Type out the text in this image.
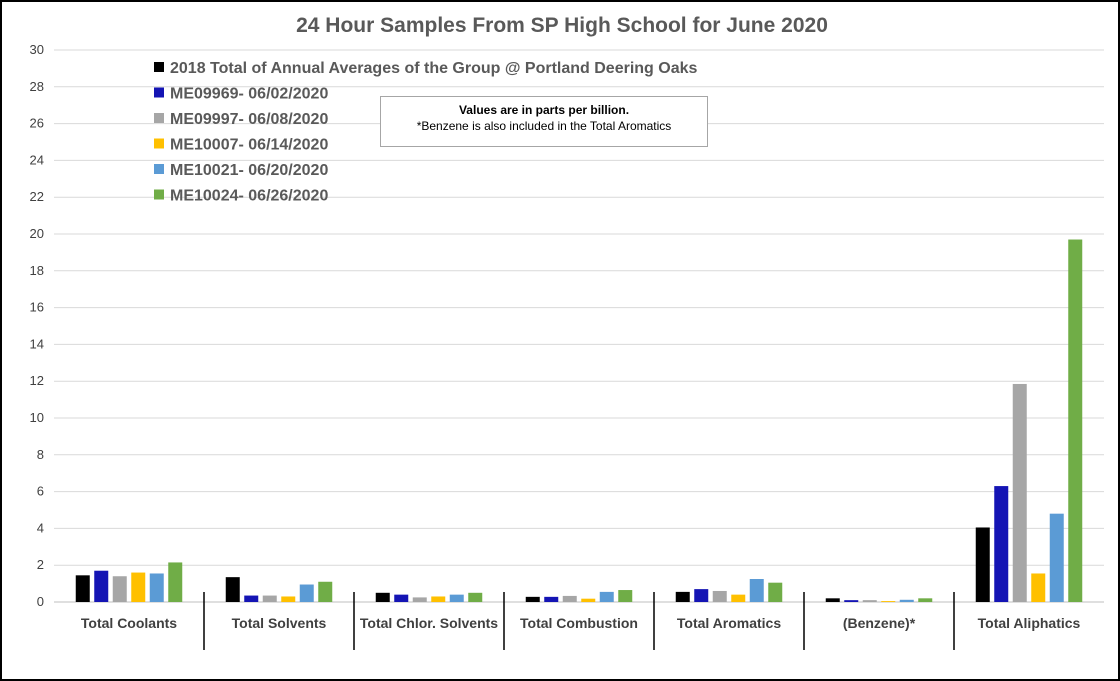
24 Hour Samples From SP High School for June 2020
0
2
4
6
8
10
12
14
16
18
20
22
24
26
28
30
Total Coolants	Total Solvents Total Chlor. Solvents Total Combustion	Total Aromatics	(Benzene)*	Total Aliphatics
2018 Total of Annual Averages of the Group @ Portland Deering Oaks
ME09969- 06/02/2020
ME09997- 06/08/2020
ME10007- 06/14/2020
ME10021- 06/20/2020
ME10024- 06/26/2020
Values are in parts per billion.
*Benzene is also included in the Total Aromatics
